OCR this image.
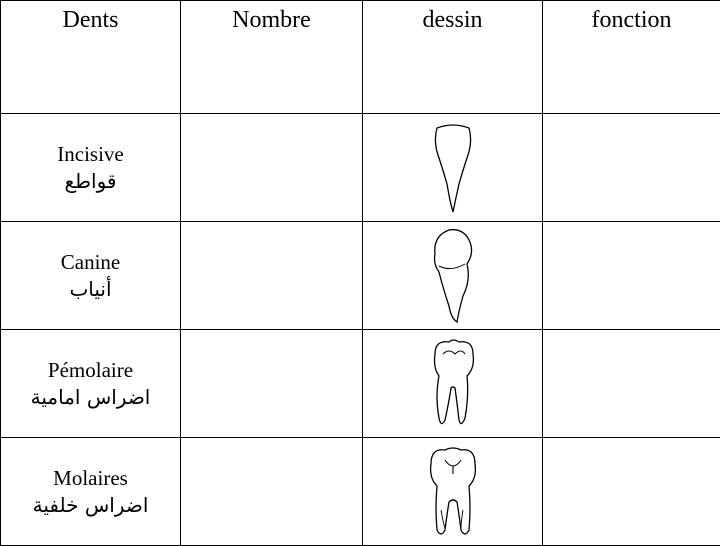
Dents	Nombre	dessin	fonction

Incisive
قواطع

Canine
أنياب

Pémolaire
اضراس امامية

Molaires
اضراس خلفية
